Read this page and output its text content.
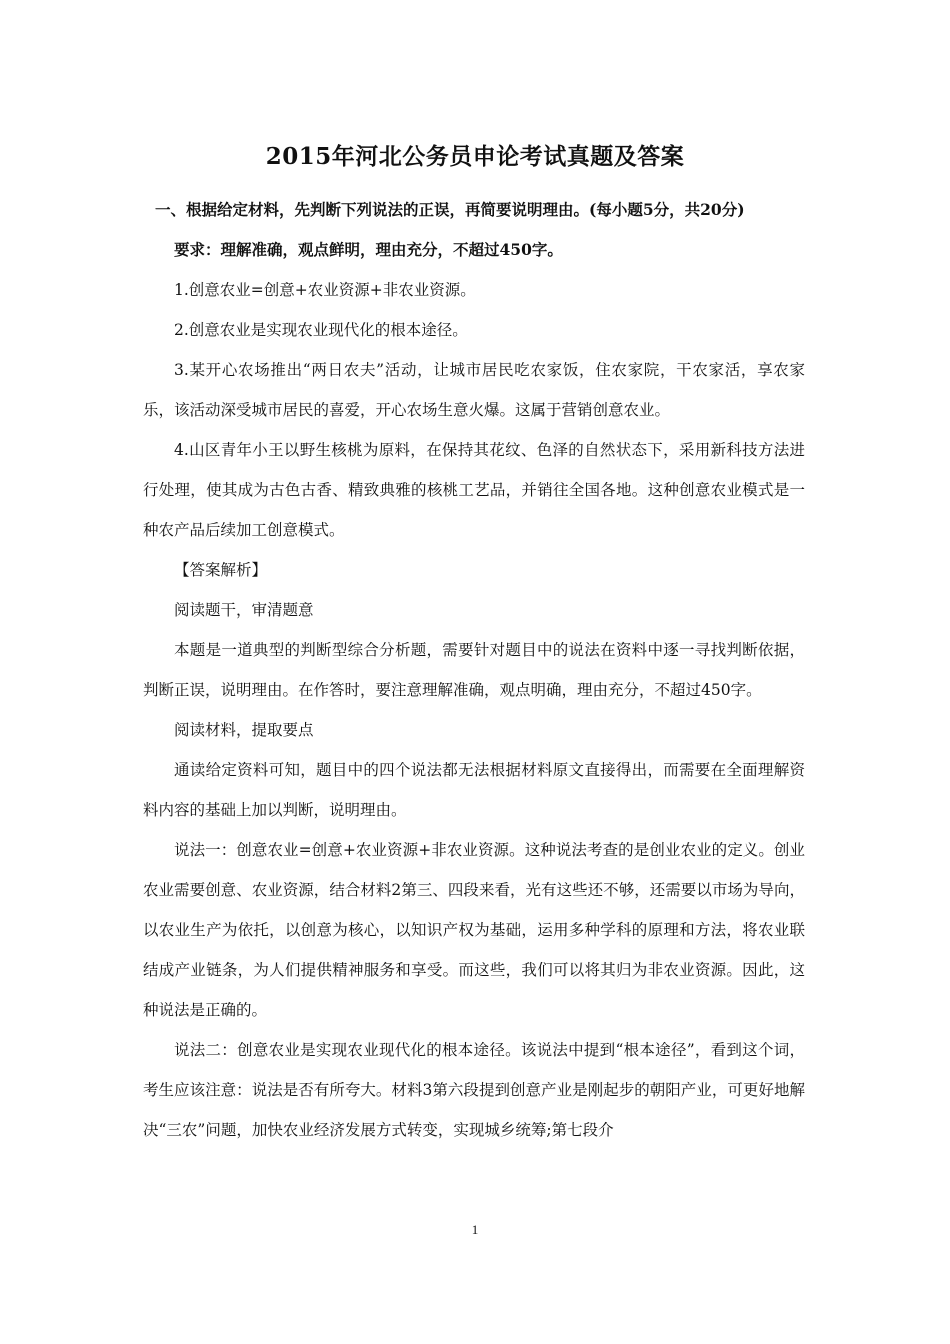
2015年河北公务员申论考试真题及答案

一、根据给定材料，先判断下列说法的正误，再简要说明理由。(每小题5分，共20分)

要求：理解准确，观点鲜明，理由充分，不超过450字。

1.创意农业=创意+农业资源+非农业资源。

2.创意农业是实现农业现代化的根本途径。

3.某开心农场推出“两日农夫”活动，让城市居民吃农家饭，住农家院，干农家活，享农家乐，该活动深受城市居民的喜爱，开心农场生意火爆。这属于营销创意农业。

4.山区青年小王以野生核桃为原料，在保持其花纹、色泽的自然状态下，采用新科技方法进行处理，使其成为古色古香、精致典雅的核桃工艺品，并销往全国各地。这种创意农业模式是一种农产品后续加工创意模式。

【答案解析】

阅读题干，审清题意

本题是一道典型的判断型综合分析题，需要针对题目中的说法在资料中逐一寻找判断依据，判断正误，说明理由。在作答时，要注意理解准确，观点明确，理由充分，不超过450字。

阅读材料，提取要点

通读给定资料可知，题目中的四个说法都无法根据材料原文直接得出，而需要在全面理解资料内容的基础上加以判断，说明理由。

说法一：创意农业=创意+农业资源+非农业资源。这种说法考查的是创业农业的定义。创业农业需要创意、农业资源，结合材料2第三、四段来看，光有这些还不够，还需要以市场为导向，以农业生产为依托，以创意为核心，以知识产权为基础，运用多种学科的原理和方法，将农业联结成产业链条，为人们提供精神服务和享受。而这些，我们可以将其归为非农业资源。因此，这种说法是正确的。

说法二：创意农业是实现农业现代化的根本途径。该说法中提到“根本途径”，看到这个词，考生应该注意：说法是否有所夸大。材料3第六段提到创意产业是刚起步的朝阳产业，可更好地解决“三农”问题，加快农业经济发展方式转变，实现城乡统筹;第七段介

1
